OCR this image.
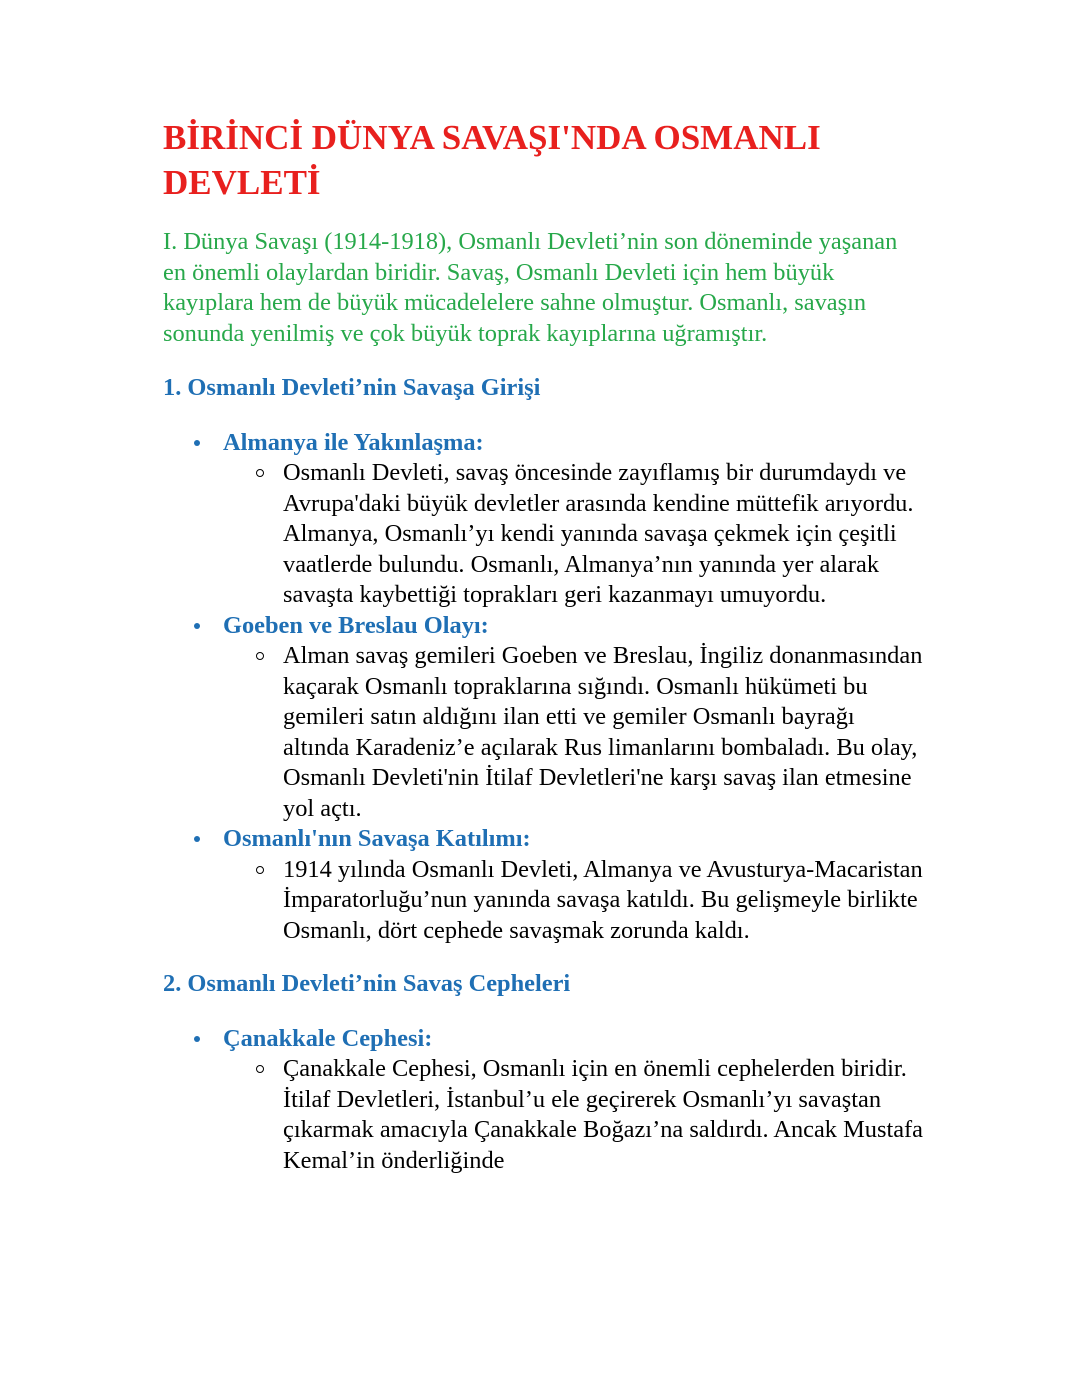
BİRİNCİ DÜNYA SAVAŞI'NDA OSMANLI DEVLETİ

I. Dünya Savaşı (1914-1918), Osmanlı Devleti’nin son döneminde yaşanan en önemli olaylardan biridir. Savaş, Osmanlı Devleti için hem büyük kayıplara hem de büyük mücadelelere sahne olmuştur. Osmanlı, savaşın sonunda yenilmiş ve çok büyük toprak kayıplarına uğramıştır.

1. Osmanlı Devleti’nin Savaşa Girişi
Almanya ile Yakınlaşma:
Osmanlı Devleti, savaş öncesinde zayıflamış bir durumdaydı ve Avrupa'daki büyük devletler arasında kendine müttefik arıyordu. Almanya, Osmanlı’yı kendi yanında savaşa çekmek için çeşitli vaatlerde bulundu. Osmanlı, Almanya’nın yanında yer alarak savaşta kaybettiği toprakları geri kazanmayı umuyordu.
Goeben ve Breslau Olayı:
Alman savaş gemileri Goeben ve Breslau, İngiliz donanmasından kaçarak Osmanlı topraklarına sığındı. Osmanlı hükümeti bu gemileri satın aldığını ilan etti ve gemiler Osmanlı bayrağı altında Karadeniz’e açılarak Rus limanlarını bombaladı. Bu olay, Osmanlı Devleti'nin İtilaf Devletleri'ne karşı savaş ilan etmesine yol açtı.
Osmanlı'nın Savaşa Katılımı:
1914 yılında Osmanlı Devleti, Almanya ve Avusturya-Macaristan İmparatorluğu’nun yanında savaşa katıldı. Bu gelişmeyle birlikte Osmanlı, dört cephede savaşmak zorunda kaldı.
2. Osmanlı Devleti’nin Savaş Cepheleri
Çanakkale Cephesi:
Çanakkale Cephesi, Osmanlı için en önemli cephelerden biridir. İtilaf Devletleri, İstanbul’u ele geçirerek Osmanlı’yı savaştan çıkarmak amacıyla Çanakkale Boğazı’na saldırdı. Ancak Mustafa Kemal’in önderliğinde
